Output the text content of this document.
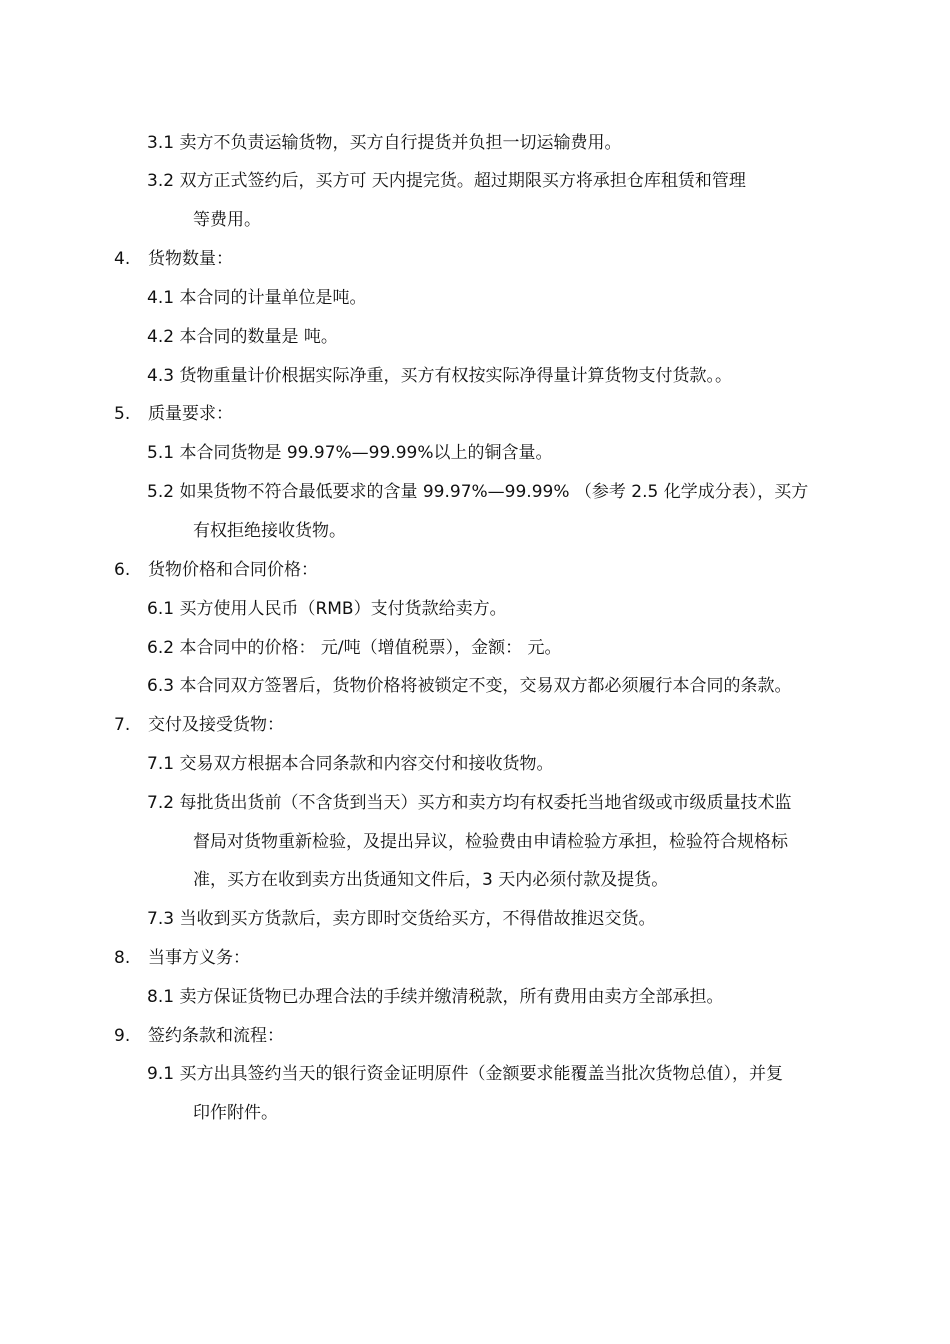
3.1 卖方不负责运输货物，买方自行提货并负担一切运输费用。
3.2 双方正式签约后，买方可 天内提完货。超过期限买方将承担仓库租赁和管理
等费用。
4. 货物数量：
4.1 本合同的计量单位是吨。
4.2 本合同的数量是 吨。
4.3 货物重量计价根据实际净重，买方有权按实际净得量计算货物支付货款。。
5. 质量要求：
5.1 本合同货物是 99.97%—99.99%以上的铜含量。
5.2 如果货物不符合最低要求的含量 99.97%—99.99% （参考 2.5 化学成分表），买方
有权拒绝接收货物。
6. 货物价格和合同价格：
6.1 买方使用人民币（RMB）支付货款给卖方。
6.2 本合同中的价格： 元/吨（增值税票），金额： 元。
6.3 本合同双方签署后，货物价格将被锁定不变，交易双方都必须履行本合同的条款。
7. 交付及接受货物：
7.1 交易双方根据本合同条款和内容交付和接收货物。
7.2 每批货出货前（不含货到当天）买方和卖方均有权委托当地省级或市级质量技术监
督局对货物重新检验，及提出异议，检验费由申请检验方承担，检验符合规格标
准，买方在收到卖方出货通知文件后，3 天内必须付款及提货。
7.3 当收到买方货款后，卖方即时交货给买方，不得借故推迟交货。
8. 当事方义务：
8.1 卖方保证货物已办理合法的手续并缴清税款，所有费用由卖方全部承担。
9. 签约条款和流程：
9.1 买方出具签约当天的银行资金证明原件（金额要求能覆盖当批次货物总值），并复
印作附件。
